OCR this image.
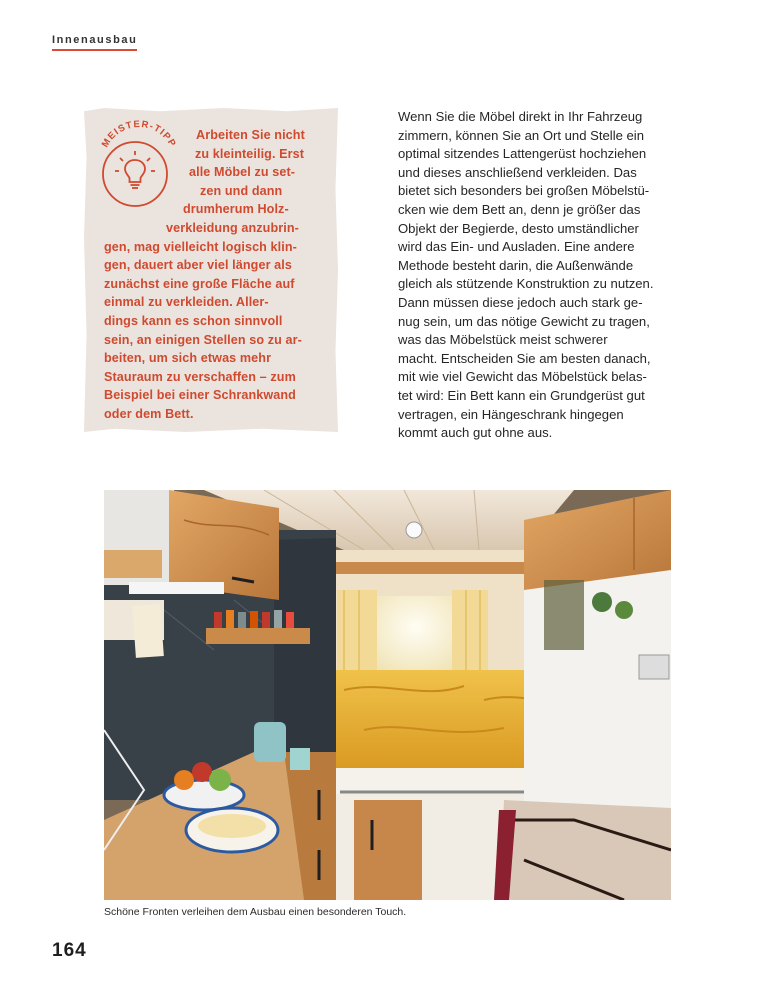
Innenausbau
MEISTER-TIPP
Arbeiten Sie nicht
zu kleinteilig. Erst
alle Möbel zu set-
zen und dann
drumherum Holz-
verkleidung anzubrin-
gen, mag vielleicht logisch klin-
gen, dauert aber viel länger als
zunächst eine große Fläche auf
einmal zu verkleiden. Aller-
dings kann es schon sinnvoll
sein, an einigen Stellen so zu ar-
beiten, um sich etwas mehr
Stauraum zu verschaffen – zum
Beispiel bei einer Schrankwand
oder dem Bett.
Wenn Sie die Möbel direkt in Ihr Fahrzeug
zimmern, können Sie an Ort und Stelle ein
optimal sitzendes Lattengerüst hochziehen
und dieses anschließend verkleiden. Das
bietet sich besonders bei großen Möbelstü-
cken wie dem Bett an, denn je größer das
Objekt der Begierde, desto umständlicher
wird das Ein- und Ausladen. Eine andere
Methode besteht darin, die Außenwände
gleich als stützende Konstruktion zu nutzen.
Dann müssen diese jedoch auch stark ge-
nug sein, um das nötige Gewicht zu tragen,
was das Möbelstück meist schwerer
macht. Entscheiden Sie am besten danach,
mit wie viel Gewicht das Möbelstück belas-
tet wird: Ein Bett kann ein Grundgerüst gut
vertragen, ein Hängeschrank hingegen
kommt auch gut ohne aus.
Schöne Fronten verleihen dem Ausbau einen besonderen Touch.
164
